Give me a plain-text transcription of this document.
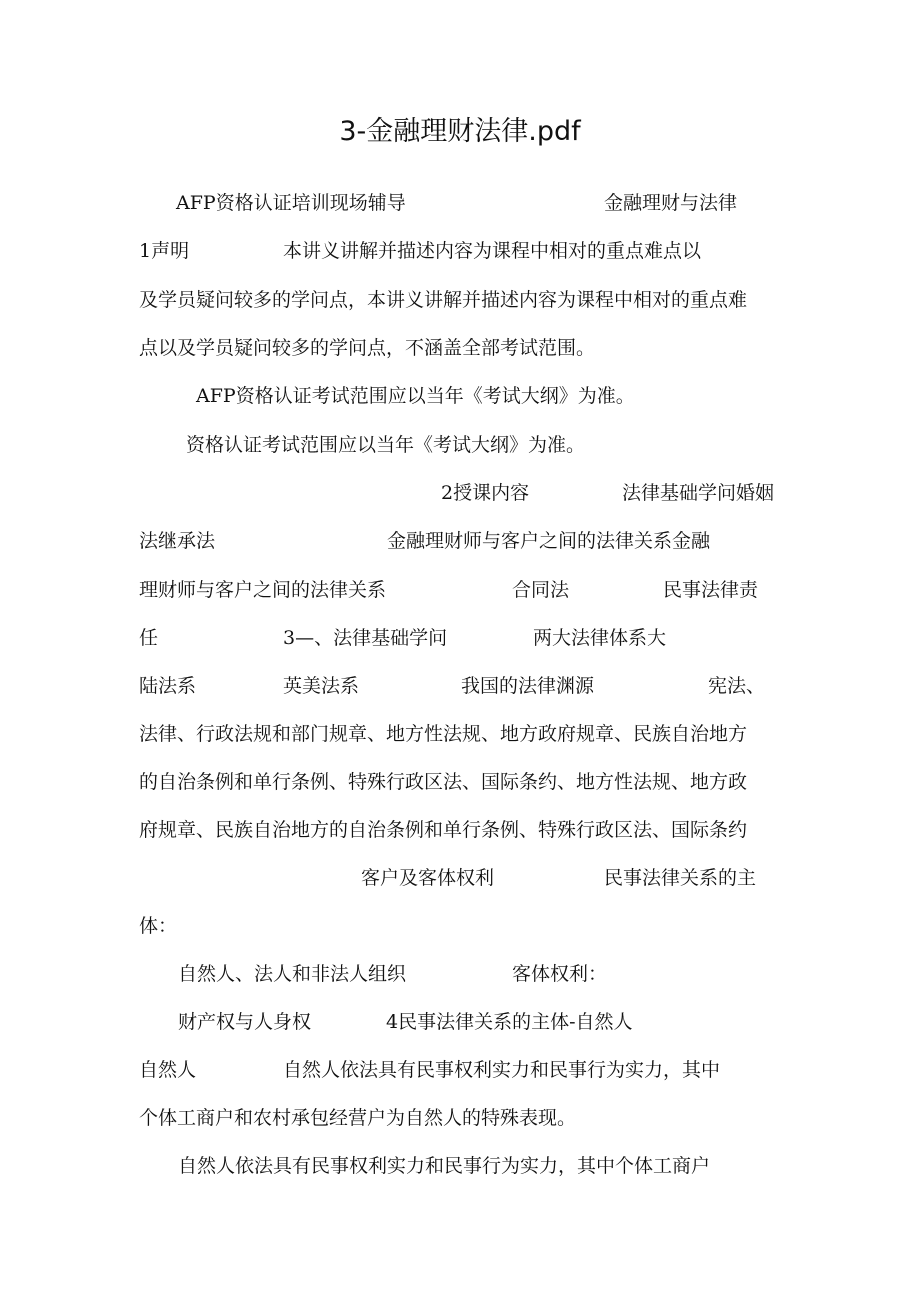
3-金融理财法律.pdf
AFP资格认证培训现场辅导	金融理财与法律
1声明	本讲义讲解并描述内容为课程中相对的重点难点以
及学员疑问较多的学问点，本讲义讲解并描述内容为课程中相对的重点难
点以及学员疑问较多的学问点，不涵盖全部考试范围。
AFP资格认证考试范围应以当年《考试大纲》为准。
资格认证考试范围应以当年《考试大纲》为准。
2授课内容	法律基础学问婚姻
法继承法	金融理财师与客户之间的法律关系金融
理财师与客户之间的法律关系	合同法	民事法律责
任	3—、法律基础学问	两大法律体系大
陆法系	英美法系	我国的法律渊源	宪法、
法律、行政法规和部门规章、地方性法规、地方政府规章、民族自治地方
的自治条例和单行条例、特殊行政区法、国际条约、地方性法规、地方政
府规章、民族自治地方的自治条例和单行条例、特殊行政区法、国际条约
客户及客体权利	民事法律关系的主
体：
自然人、法人和非法人组织	客体权利：
财产权与人身权	4民事法律关系的主体-自然人
自然人	自然人依法具有民事权利实力和民事行为实力，其中
个体工商户和农村承包经营户为自然人的特殊表现。
自然人依法具有民事权利实力和民事行为实力，其中个体工商户
